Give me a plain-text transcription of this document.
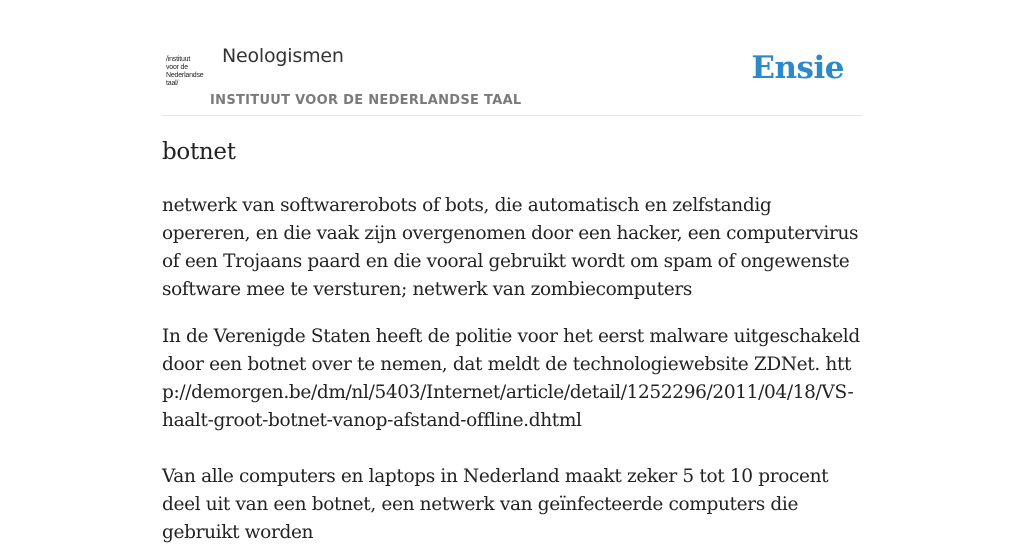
/instituut
voor de
Nederlandse
taal/
Neologismen
INSTITUUT VOOR DE NEDERLANDSE TAAL
Ensie
botnet

netwerk van softwarerobots of bots, die automatisch en zelfstandig opereren, en die vaak zijn overgenomen door een hacker, een computervirus of een Trojaans paard en die vooral gebruikt wordt om spam of ongewenste software mee te versturen; netwerk van zombiecomputers

In de Verenigde Staten heeft de politie voor het eerst malware uitgeschakeld door een botnet over te nemen, dat meldt de technologiewebsite ZDNet. http://demorgen.be/dm/nl/5403/Internet/article/detail/1252296/2011/04/18/VS-haalt-groot-botnet-vanop-afstand-offline.dhtml

Van alle computers en laptops in Nederland maakt zeker 5 tot 10 procent deel uit van een botnet, een netwerk van geïnfecteerde computers die gebruikt worden
